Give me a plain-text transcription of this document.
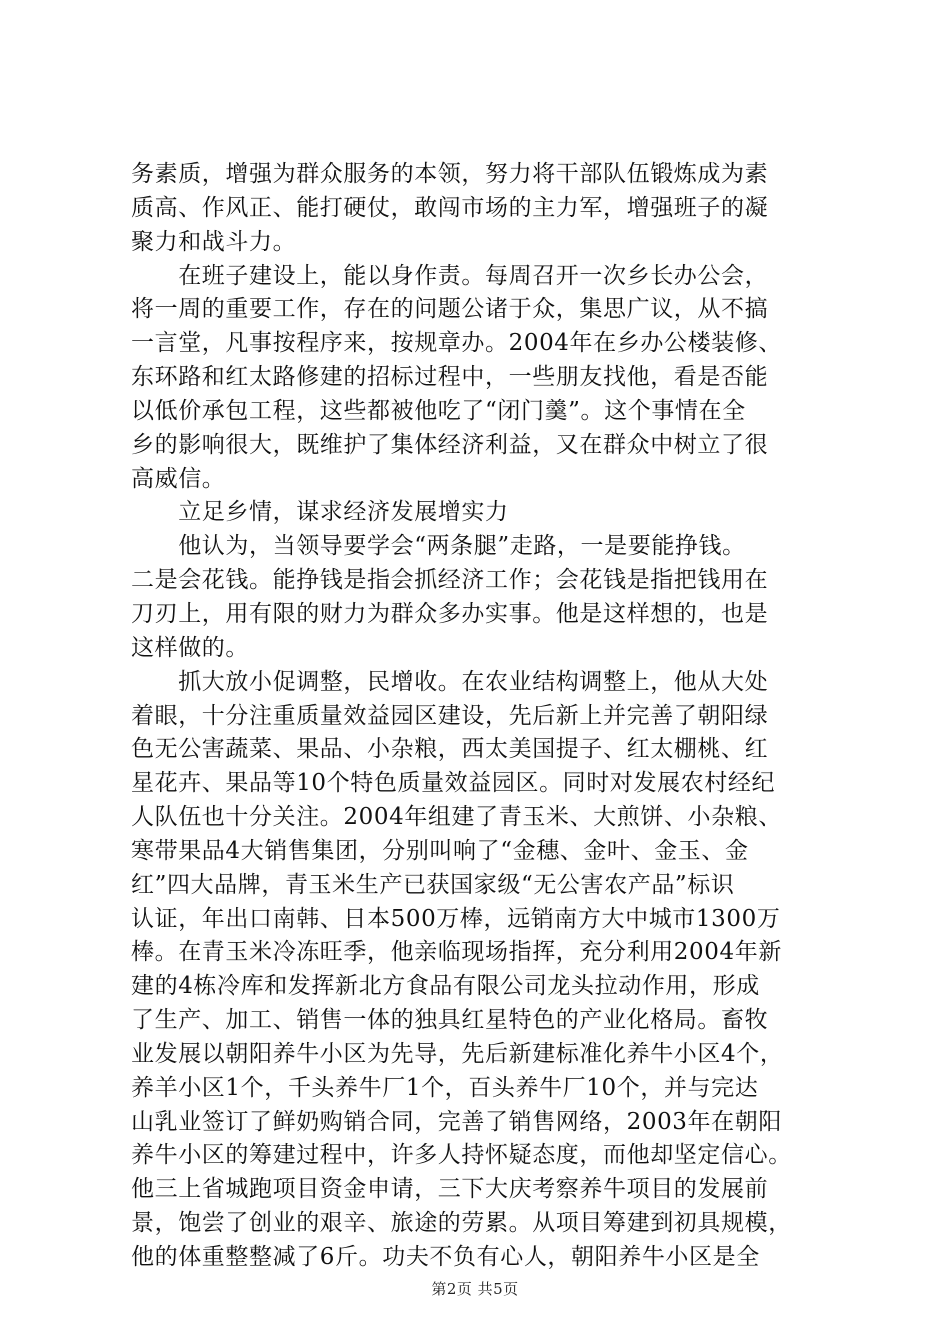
务素质，增强为群众服务的本领，努力将干部队伍锻炼成为素
质高、作风正、能打硬仗，敢闯市场的主力军，增强班子的凝
聚力和战斗力。
　　在班子建设上，能以身作责。每周召开一次乡长办公会，
将一周的重要工作，存在的问题公诸于众，集思广议，从不搞
一言堂，凡事按程序来，按规章办。2004年在乡办公楼装修、
东环路和红太路修建的招标过程中，一些朋友找他，看是否能
以低价承包工程，这些都被他吃了“闭门羹”。这个事情在全
乡的影响很大，既维护了集体经济利益，又在群众中树立了很
高威信。
　　立足乡情，谋求经济发展增实力
　　他认为，当领导要学会“两条腿”走路，一是要能挣钱。
二是会花钱。能挣钱是指会抓经济工作；会花钱是指把钱用在
刀刃上，用有限的财力为群众多办实事。他是这样想的，也是
这样做的。
　　抓大放小促调整，民增收。在农业结构调整上，他从大处
着眼，十分注重质量效益园区建设，先后新上并完善了朝阳绿
色无公害蔬菜、果品、小杂粮，西太美国提子、红太棚桃、红
星花卉、果品等10个特色质量效益园区。同时对发展农村经纪
人队伍也十分关注。2004年组建了青玉米、大煎饼、小杂粮、
寒带果品4大销售集团，分别叫响了“金穗、金叶、金玉、金
红”四大品牌，青玉米生产已获国家级“无公害农产品”标识
认证，年出口南韩、日本500万棒，远销南方大中城市1300万
棒。在青玉米冷冻旺季，他亲临现场指挥，充分利用2004年新
建的4栋冷库和发挥新北方食品有限公司龙头拉动作用，形成
了生产、加工、销售一体的独具红星特色的产业化格局。畜牧
业发展以朝阳养牛小区为先导，先后新建标准化养牛小区4个，
养羊小区1个，千头养牛厂1个，百头养牛厂10个，并与完达
山乳业签订了鲜奶购销合同，完善了销售网络，2003年在朝阳
养牛小区的筹建过程中，许多人持怀疑态度，而他却坚定信心。
他三上省城跑项目资金申请，三下大庆考察养牛项目的发展前
景，饱尝了创业的艰辛、旅途的劳累。从项目筹建到初具规模，
他的体重整整减了6斤。功夫不负有心人，朝阳养牛小区是全
第2页 共5页
